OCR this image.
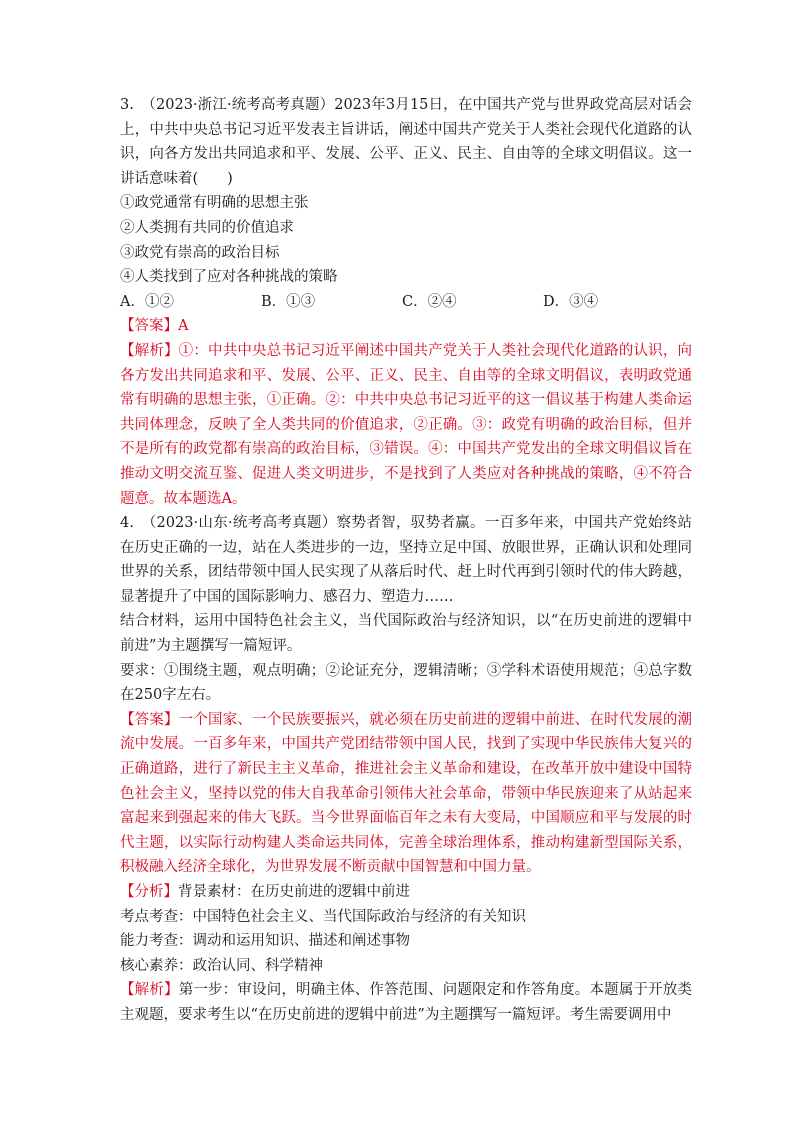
3.　（2023·浙江·统考高考真题）2023年3月15日，在中国共产党与世界政党高层对话会上，中共中央总书记习近平发表主旨讲话，阐述中国共产党关于人类社会现代化道路的认识，向各方发出共同追求和平、发展、公平、正义、民主、自由等的全球文明倡议。这一讲话意味着(　　)

①政党通常有明确的思想主张

②人类拥有共同的价值追求

③政党有崇高的政治目标

④人类找到了应对各种挑战的策略

A．①②	B．①③	C．②④	D．③④

【答案】A

【解析】①：中共中央总书记习近平阐述中国共产党关于人类社会现代化道路的认识，向各方发出共同追求和平、发展、公平、正义、民主、自由等的全球文明倡议，表明政党通常有明确的思想主张，①正确。②：中共中央总书记习近平的这一倡议基于构建人类命运共同体理念，反映了全人类共同的价值追求，②正确。③：政党有明确的政治目标，但并不是所有的政党都有崇高的政治目标，③错误。④：中国共产党发出的全球文明倡议旨在推动文明交流互鉴、促进人类文明进步，不是找到了人类应对各种挑战的策略，④不符合题意。故本题选A。

4.　（2023·山东·统考高考真题）察势者智，驭势者赢。一百多年来，中国共产党始终站在历史正确的一边，站在人类进步的一边，坚持立足中国、放眼世界，正确认识和处理同世界的关系，团结带领中国人民实现了从落后时代、赶上时代再到引领时代的伟大跨越，显著提升了中国的国际影响力、感召力、塑造力……

结合材料，运用中国特色社会主义，当代国际政治与经济知识，以“在历史前进的逻辑中前进”为主题撰写一篇短评。

要求：①围绕主题，观点明确；②论证充分，逻辑清晰；③学科术语使用规范；④总字数在250字左右。

【答案】一个国家、一个民族要振兴，就必须在历史前进的逻辑中前进、在时代发展的潮流中发展。一百多年来，中国共产党团结带领中国人民，找到了实现中华民族伟大复兴的正确道路，进行了新民主主义革命，推进社会主义革命和建设，在改革开放中建设中国特色社会主义，坚持以党的伟大自我革命引领伟大社会革命，带领中华民族迎来了从站起来富起来到强起来的伟大飞跃。当今世界面临百年之未有大变局，中国顺应和平与发展的时代主题，以实际行动构建人类命运共同体，完善全球治理体系，推动构建新型国际关系，积极融入经济全球化，为世界发展不断贡献中国智慧和中国力量。

【分析】背景素材：在历史前进的逻辑中前进

考点考查：中国特色社会主义、当代国际政治与经济的有关知识

能力考查：调动和运用知识、描述和阐述事物

核心素养：政治认同、科学精神

【解析】第一步：审设问，明确主体、作答范围、问题限定和作答角度。本题属于开放类主观题，要求考生以“在历史前进的逻辑中前进”为主题撰写一篇短评。考生需要调用中
